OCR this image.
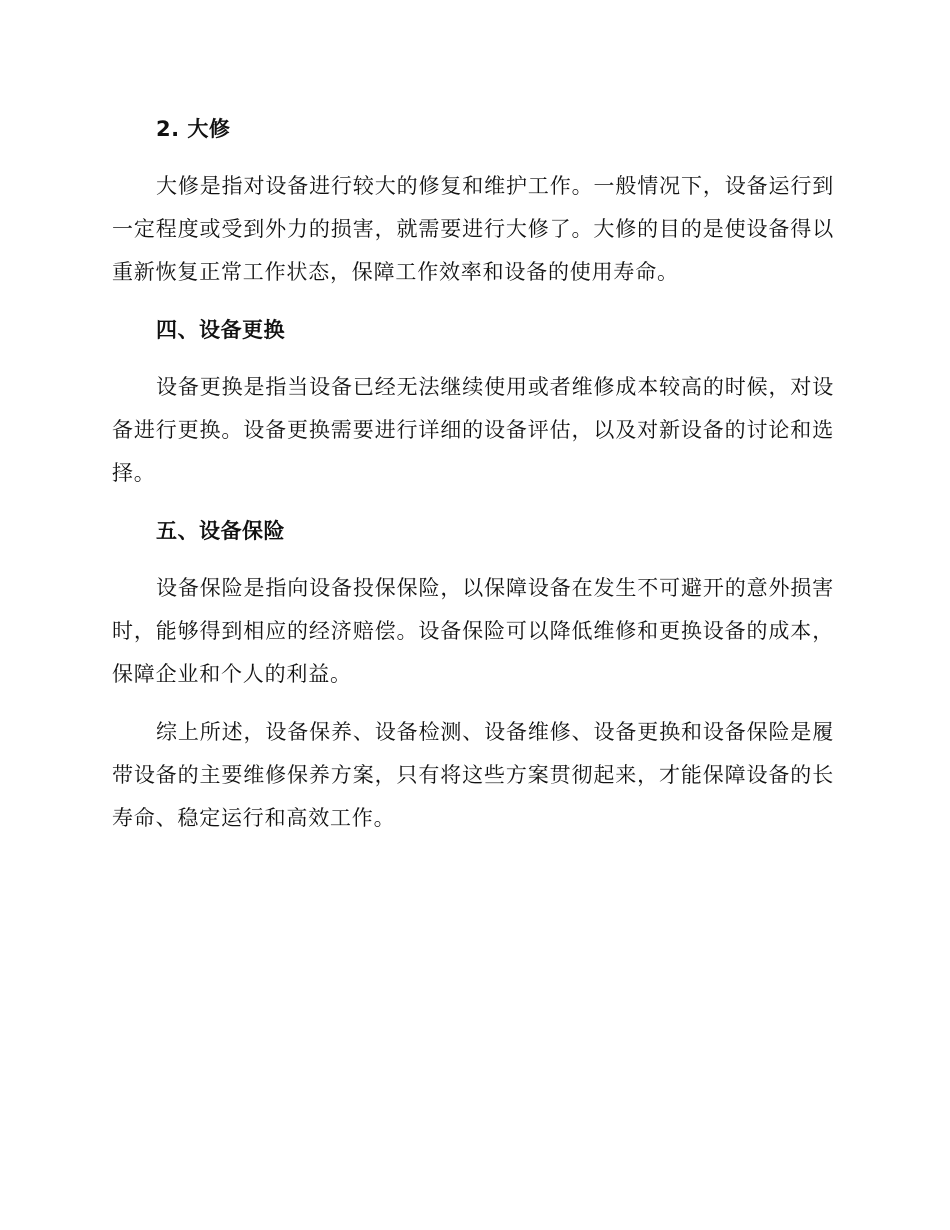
2. 大修

大修是指对设备进行较大的修复和维护工作。一般情况下，设备运行到一定程度或受到外力的损害，就需要进行大修了。大修的目的是使设备得以重新恢复正常工作状态，保障工作效率和设备的使用寿命。

四、设备更换

设备更换是指当设备已经无法继续使用或者维修成本较高的时候，对设备进行更换。设备更换需要进行详细的设备评估，以及对新设备的讨论和选择。

五、设备保险

设备保险是指向设备投保保险，以保障设备在发生不可避开的意外损害时，能够得到相应的经济赔偿。设备保险可以降低维修和更换设备的成本，保障企业和个人的利益。

综上所述，设备保养、设备检测、设备维修、设备更换和设备保险是履带设备的主要维修保养方案，只有将这些方案贯彻起来，才能保障设备的长寿命、稳定运行和高效工作。
